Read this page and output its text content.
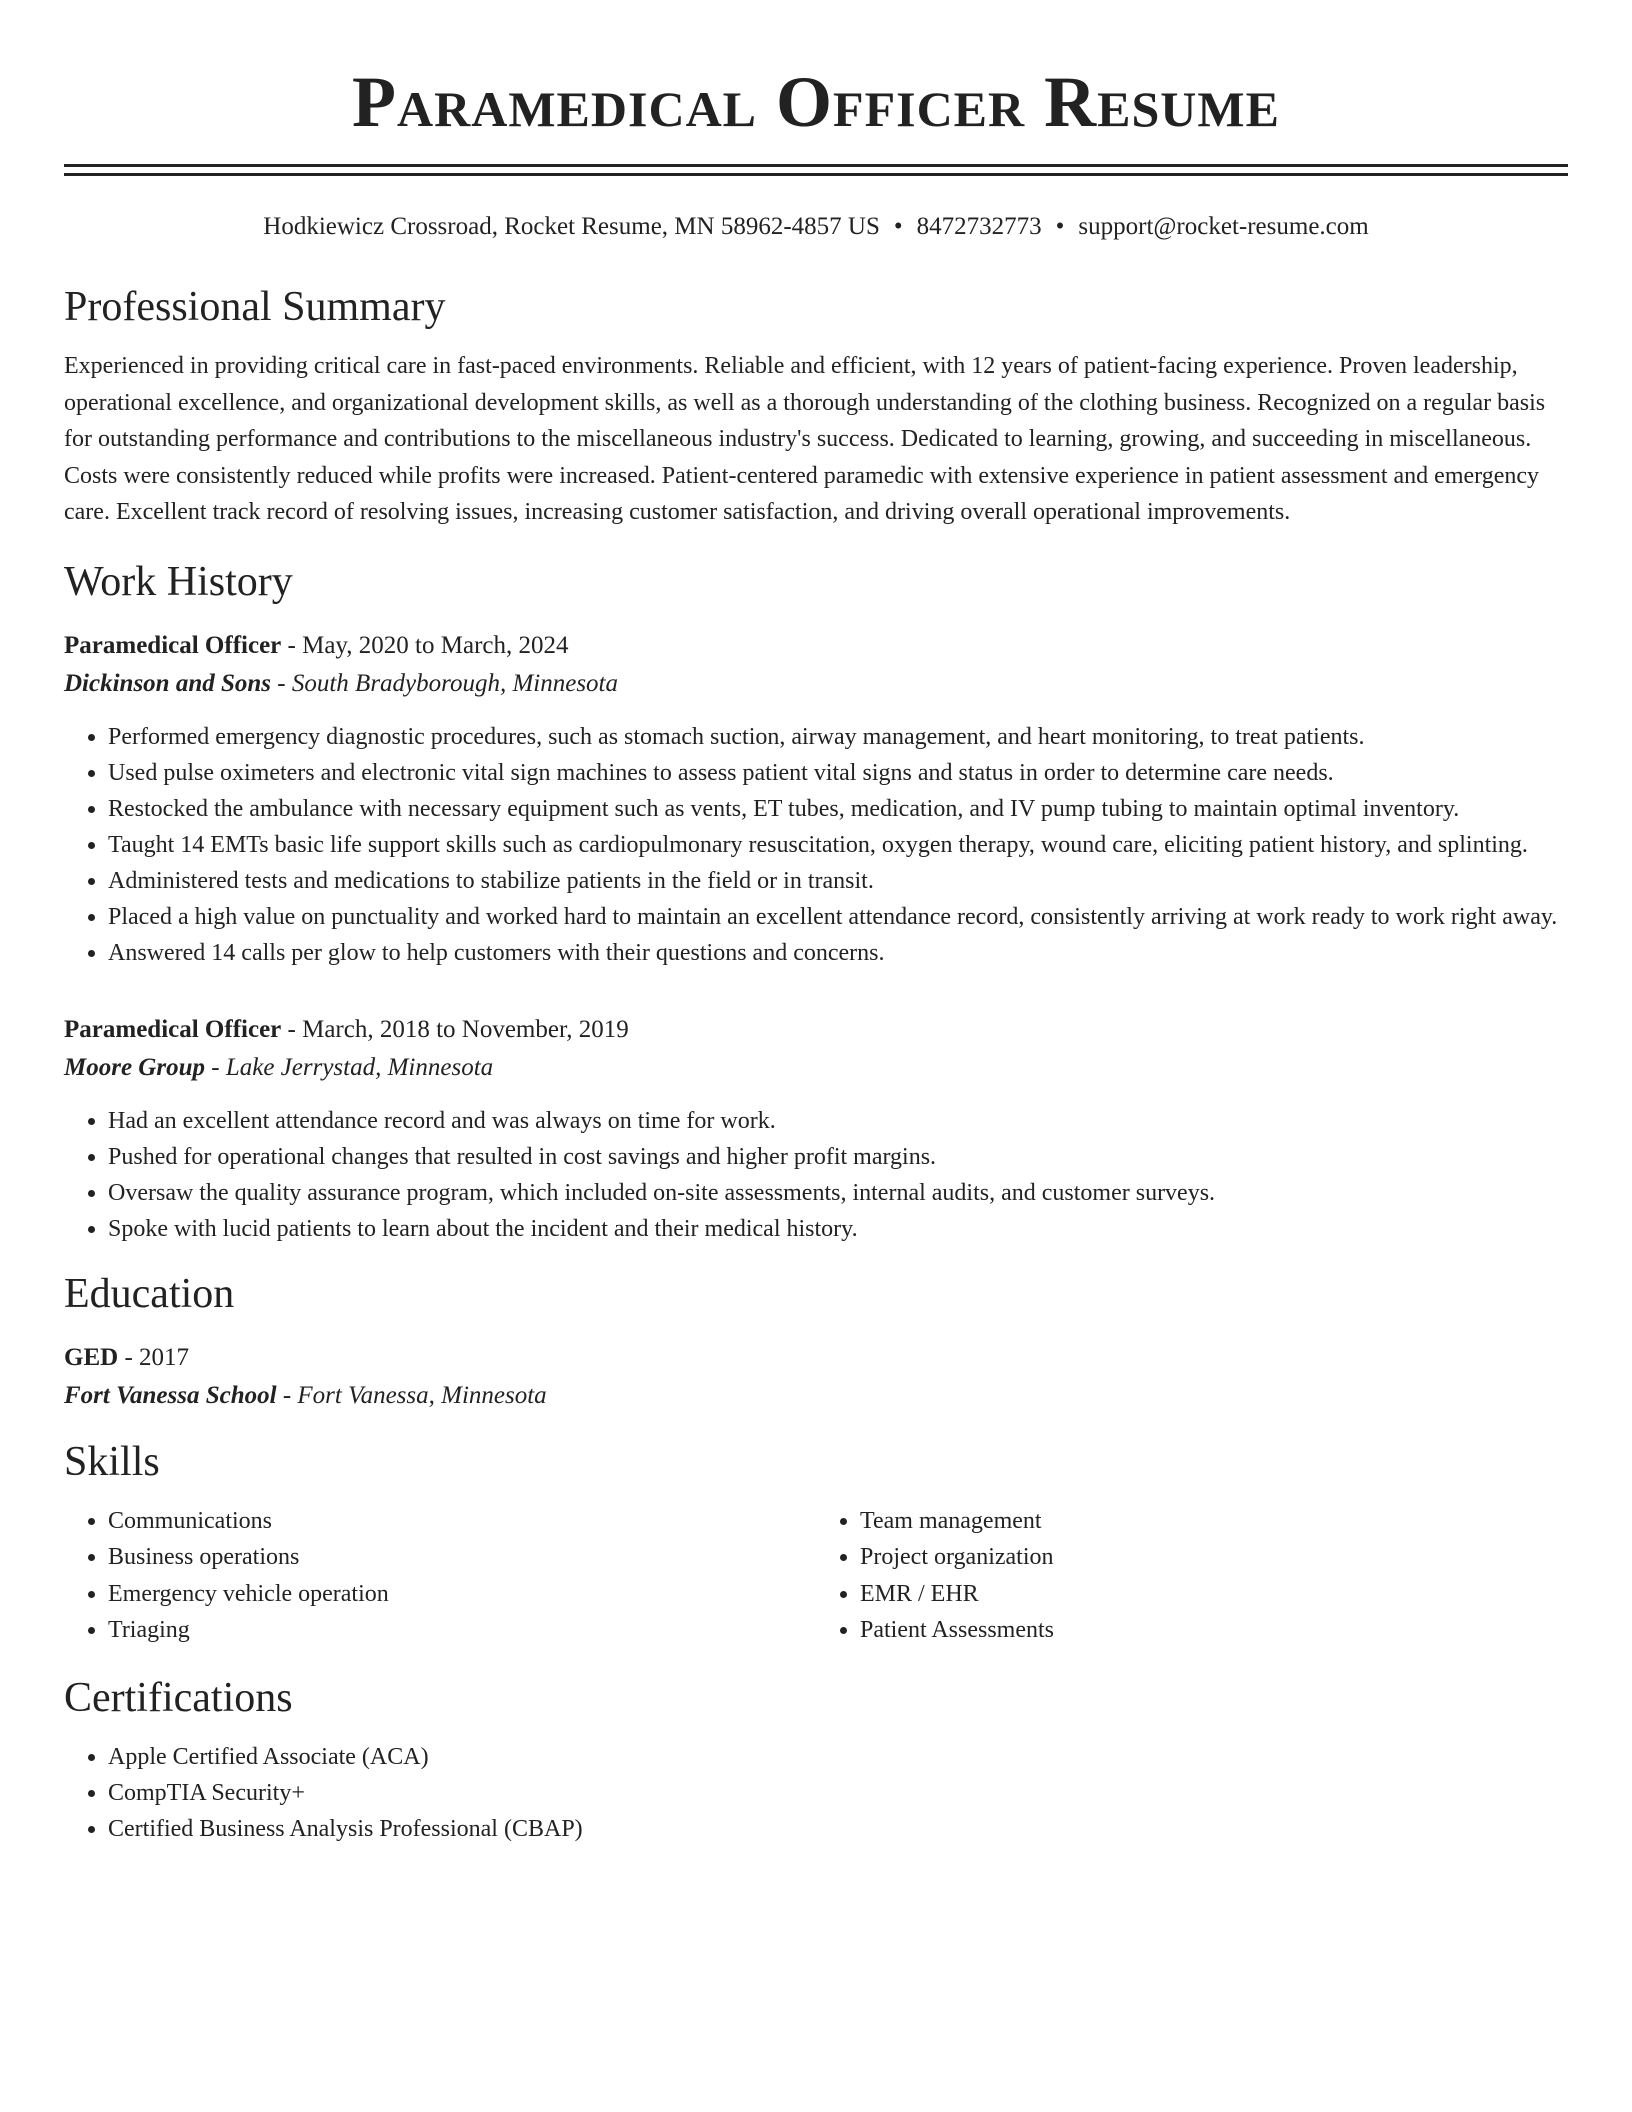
Paramedical Officer Resume
Hodkiewicz Crossroad, Rocket Resume, MN 58962-4857 US • 8472732773 • support@rocket-resume.com
Professional Summary

Experienced in providing critical care in fast-paced environments. Reliable and efficient, with 12 years of patient-facing experience. Proven leadership, operational excellence, and organizational development skills, as well as a thorough understanding of the clothing business. Recognized on a regular basis for outstanding performance and contributions to the miscellaneous industry's success. Dedicated to learning, growing, and succeeding in miscellaneous. Costs were consistently reduced while profits were increased. Patient-centered paramedic with extensive experience in patient assessment and emergency care. Excellent track record of resolving issues, increasing customer satisfaction, and driving overall operational improvements.

Work History
Paramedical Officer - May, 2020 to March, 2024
Dickinson and Sons - South Bradyborough, Minnesota
• Performed emergency diagnostic procedures, such as stomach suction, airway management, and heart monitoring, to treat patients.
• Used pulse oximeters and electronic vital sign machines to assess patient vital signs and status in order to determine care needs.
• Restocked the ambulance with necessary equipment such as vents, ET tubes, medication, and IV pump tubing to maintain optimal inventory.
• Taught 14 EMTs basic life support skills such as cardiopulmonary resuscitation, oxygen therapy, wound care, eliciting patient history, and splinting.
• Administered tests and medications to stabilize patients in the field or in transit.
• Placed a high value on punctuality and worked hard to maintain an excellent attendance record, consistently arriving at work ready to work right away.
• Answered 14 calls per glow to help customers with their questions and concerns.
Paramedical Officer - March, 2018 to November, 2019
Moore Group - Lake Jerrystad, Minnesota
• Had an excellent attendance record and was always on time for work.
• Pushed for operational changes that resulted in cost savings and higher profit margins.
• Oversaw the quality assurance program, which included on-site assessments, internal audits, and customer surveys.
• Spoke with lucid patients to learn about the incident and their medical history.
Education
GED - 2017
Fort Vanessa School - Fort Vanessa, Minnesota
Skills
• Communications
• Business operations
• Emergency vehicle operation
• Triaging
• Team management
• Project organization
• EMR / EHR
• Patient Assessments
Certifications
• Apple Certified Associate (ACA)
• CompTIA Security+
• Certified Business Analysis Professional (CBAP)
